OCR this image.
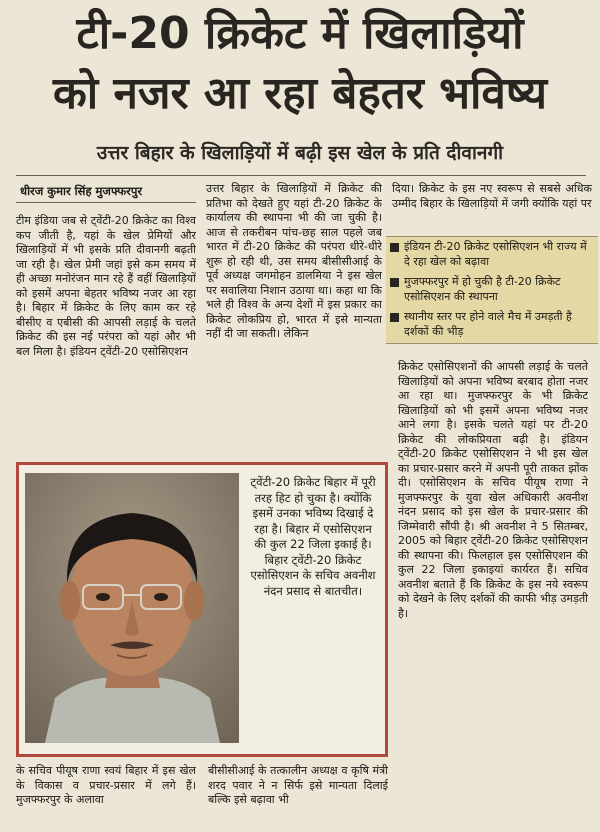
टी-20 क्रिकेट में खिलाड़ियों
को नजर आ रहा बेहतर भविष्य
उत्तर बिहार के खिलाड़ियों में बढ़ी इस खेल के प्रति दीवानगी
धीरज कुमार सिंह मुजफ्फरपुर
टीम इंडिया जब से ट्वेंटी-20 क्रिकेट का विश्व कप जीती है, यहां के खेल प्रेमियों और खिलाड़ियों में भी इसके प्रति दीवानगी बढ़ती जा रही है। खेल प्रेमी जहां इसे कम समय में ही अच्छा मनोरंजन मान रहे हैं वहीं खिलाड़ियों को इसमें अपना बेहतर भविष्य नजर आ रहा है। बिहार में क्रिकेट के लिए काम कर रहे बीसीए व एबीसी की आपसी लड़ाई के चलते क्रिकेट की इस नई परंपरा को यहां और भी बल मिला है। इंडियन ट्वेंटी-20 एसोसिएशन
उत्तर बिहार के खिलाड़ियों में क्रिकेट की प्रतिभा को देखते हुए यहां टी-20 क्रिकेट के कार्यालय की स्थापना भी की जा चुकी है। आज से तकरीबन पांच-छह साल पहले जब भारत में टी-20 क्रिकेट की परंपरा धीरे-धीरे शुरू हो रही थी, उस समय बीसीसीआई के पूर्व अध्यक्ष जगमोहन डालमिया ने इस खेल पर सवालिया निशान उठाया था। कहा था कि भले ही विश्व के अन्य देशों में इस प्रकार का क्रिकेट लोकप्रिय हो, भारत में इसे मान्यता नहीं दी जा सकती। लेकिन
दिया। क्रिकेट के इस नए स्वरूप से सबसे अधिक उम्मीद बिहार के खिलाड़ियों में जगी क्योंकि यहां पर
इंडियन टी-20 क्रिकेट एसोसिएशन भी राज्य में दे रहा खेल को बढ़ावा
मुजफ्फरपुर में हो चुकी है टी-20 क्रिकेट एसोसिएशन की स्थापना
स्थानीय स्तर पर होने वाले मैच में उमड़ती है दर्शकों की भीड़
क्रिकेट एसोसिएशनों की आपसी लड़ाई के चलते खिलाड़ियों को अपना भविष्य बरबाद होता नजर आ रहा था। मुजफ्फरपुर के भी क्रिकेट खिलाड़ियों को भी इसमें अपना भविष्य नजर आने लगा है। इसके चलते यहां पर टी-20 क्रिकेट की लोकप्रियता बढ़ी है। इंडियन ट्वेंटी-20 क्रिकेट एसोसिएशन ने भी इस खेल का प्रचार-प्रसार करने में अपनी पूरी ताकत झोंक दी। एसोसिएशन के सचिव पीयूष राणा ने मुजफ्फरपुर के युवा खेल अधिकारी अवनीश नंदन प्रसाद को इस खेल के प्रचार-प्रसार की जिम्मेवारी सौंपी है। श्री अवनीश ने 5 सितम्बर, 2005 को बिहार ट्वेंटी-20 क्रिकेट एसोसिएशन की स्थापना की। फिलहाल इस एसोसिएशन की कुल 22 जिला इकाइयां कार्यरत हैं। सचिव अवनीश बताते हैं कि क्रिकेट के इस नये स्वरूप को देखने के लिए दर्शकों की काफी भीड़ उमड़ती है।
ट्वेंटी-20 क्रिकेट बिहार में पूरी तरह हिट हो चुका है। क्योंकि इसमें उनका भविष्य दिखाई दे रहा है। बिहार में एसोसिएशन की कुल 22 जिला इकाई है। बिहार ट्वेंटी-20 क्रिकेट एसोसिएशन के सचिव अवनीश नंदन प्रसाद से बातचीत।
के सचिव पीयूष राणा स्वयं बिहार में इस खेल के विकास व प्रचार-प्रसार में लगे हैं। मुजफ्फरपुर के अलावा
बीसीसीआई के तत्कालीन अध्यक्ष व कृषि मंत्री शरद पवार ने न सिर्फ इसे मान्यता दिलाई बल्कि इसे बढ़ावा भी
